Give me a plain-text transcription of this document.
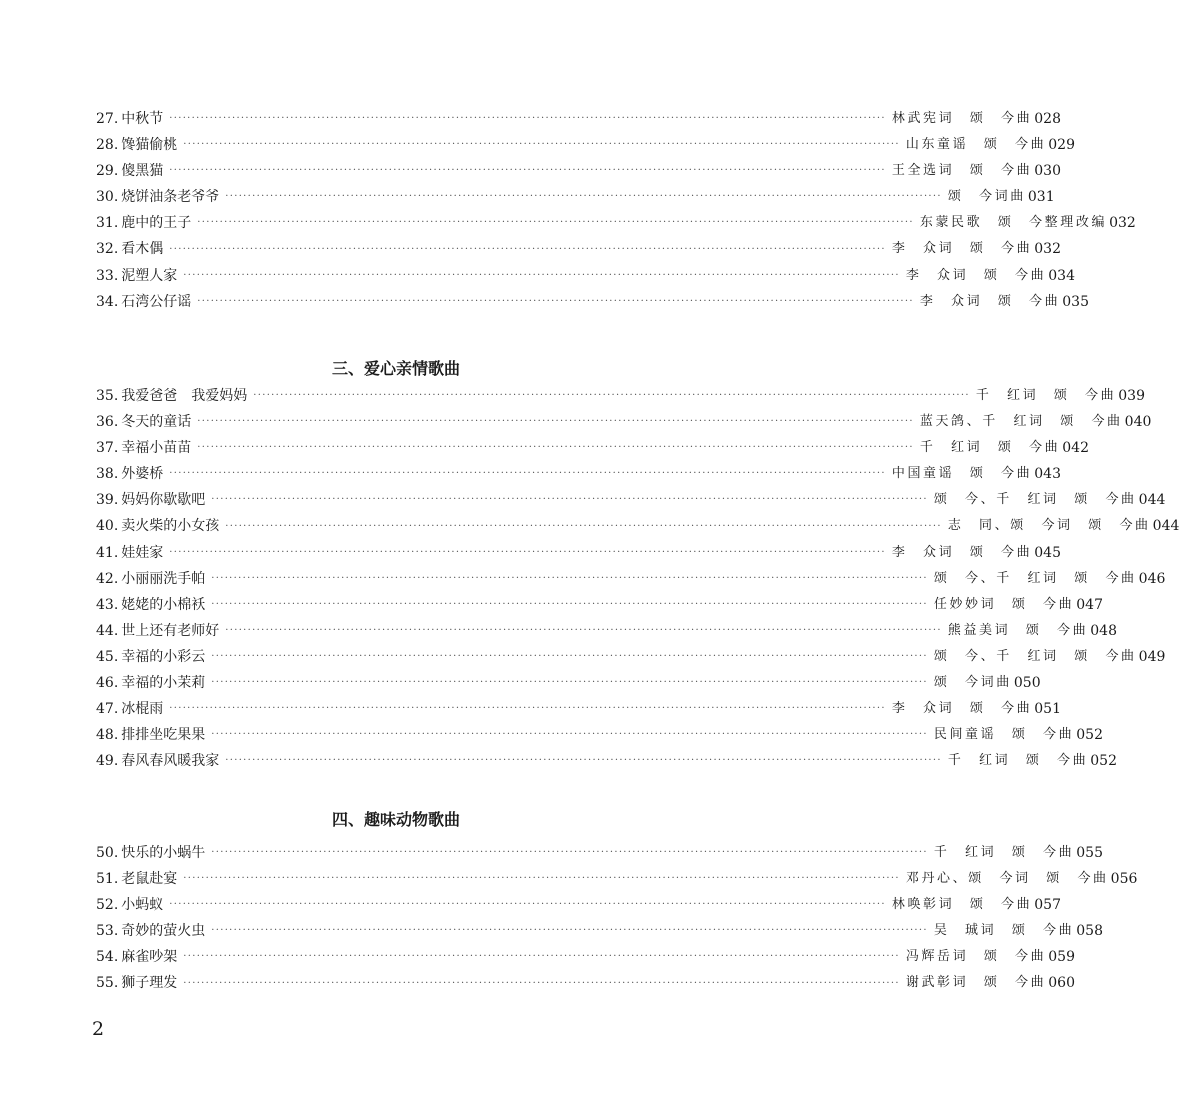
27. 中秋节 ································································································································································ 林武宪词　颂　今曲 028
28. 馋猫偷桃 ································································································································································ 山东童谣　颂　今曲 029
29. 傻黑猫 ································································································································································ 王全选词　颂　今曲 030
30. 烧饼油条老爷爷 ································································································································································ 颂　今词曲 031
31. 鹿中的王子 ································································································································································ 东蒙民歌　颂　今整理改编 032
32. 看木偶 ································································································································································ 李　众词　颂　今曲 032
33. 泥塑人家 ································································································································································ 李　众词　颂　今曲 034
34. 石湾公仔谣 ································································································································································ 李　众词　颂　今曲 035
三、爱心亲情歌曲
35. 我爱爸爸　我爱妈妈 ································································································································································ 千　红词　颂　今曲 039
36. 冬天的童话 ································································································································································ 蓝天鸽、千　红词　颂　今曲 040
37. 幸福小苗苗 ································································································································································ 千　红词　颂　今曲 042
38. 外婆桥 ································································································································································ 中国童谣　颂　今曲 043
39. 妈妈你歇歇吧 ································································································································································ 颂　今、千　红词　颂　今曲 044
40. 卖火柴的小女孩 ································································································································································ 志　同、颂　今词　颂　今曲 044
41. 娃娃家 ································································································································································ 李　众词　颂　今曲 045
42. 小丽丽洗手帕 ································································································································································ 颂　今、千　红词　颂　今曲 046
43. 姥姥的小棉袄 ································································································································································ 任妙妙词　颂　今曲 047
44. 世上还有老师好 ································································································································································ 熊益美词　颂　今曲 048
45. 幸福的小彩云 ································································································································································ 颂　今、千　红词　颂　今曲 049
46. 幸福的小茉莉 ································································································································································ 颂　今词曲 050
47. 冰棍雨 ································································································································································ 李　众词　颂　今曲 051
48. 排排坐吃果果 ································································································································································ 民间童谣　颂　今曲 052
49. 春风春风暖我家 ································································································································································ 千　红词　颂　今曲 052
四、趣味动物歌曲
50. 快乐的小蜗牛 ································································································································································ 千　红词　颂　今曲 055
51. 老鼠赴宴 ································································································································································ 邓丹心、颂　今词　颂　今曲 056
52. 小蚂蚁 ································································································································································ 林唤彰词　颂　今曲 057
53. 奇妙的萤火虫 ································································································································································ 吴　珹词　颂　今曲 058
54. 麻雀吵架 ································································································································································ 冯辉岳词　颂　今曲 059
55. 狮子理发 ································································································································································ 谢武彰词　颂　今曲 060
2
